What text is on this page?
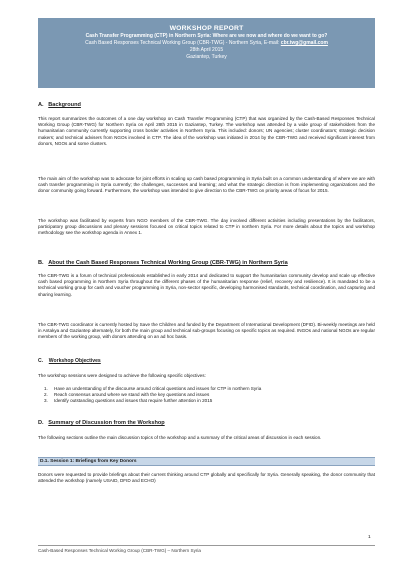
WORKSHOP REPORT
Cash Transfer Programming (CTP) in Northern Syria: Where are we now and where do we want to go?
Cash Based Responses Technical Working Group (CBR-TWG) - Northern Syria, E-mail: cbr.twg@gmail.com
28th April 2015
Gaziantep, Turkey

A. Background

This report summarizes the outcomes of a one day workshop on Cash Transfer Programming (CTP) that was organized by the Cash-Based Responses Technical Working Group (CBR-TWG) for Northern Syria on April 28th 2015 in Gaziantep, Turkey. The workshop was attended by a wide group of stakeholders from the humanitarian community currently supporting cross border activities in Northern Syria. This included: donors; UN agencies; cluster coordinators; strategic decision makers; and technical advisers from NGOs involved in CTP. The idea of the workshop was initiated in 2014 by the CBR-TWG and received significant interest from donors, NGOs and some clusters.

The main aim of the workshop was to advocate for joint efforts in scaling up cash based programming in Syria built on a common understanding of where we are with cash transfer programming in Syria currently; the challenges, successes and learning; and what the strategic direction is from implementing organizations and the donor community going forward. Furthermore, the workshop was intended to give direction to the CBR-TWG on priority areas of focus for 2015.

The workshop was facilitated by experts from NGO members of the CBR-TWG. The day involved different activities including presentations by the facilitators, participatory group discussions and plenary sessions focused on critical topics related to CTP in northern Syria. For more details about the topics and workshop methodology see the workshop agenda in Annex 1.

B. About the Cash Based Responses Technical Working Group (CBR-TWG) in Northern Syria

The CBR-TWG is a forum of technical professionals established in early 2014 and dedicated to support the humanitarian community develop and scale up effective cash based programming in Northern Syria throughout the different phases of the humanitarian response (relief, recovery and resilience). It is mandated to be a technical working group for cash and voucher programming in Syria, non-sector specific, developing harmonised standards, technical coordination, and capturing and sharing learning.

The CBR-TWG coordinator is currently hosted by Save the Children and funded by the Department of International Development (DFID). Bi-weekly meetings are held in Antakya and Gaziantep alternately, for both the main group and technical sub-groups focusing on specific topics as required. INGOs and national NGOs are regular members of the working group, with donors attending on an ad hoc basis.

C. Workshop Objectives

The workshop sessions were designed to achieve the following specific objectives:

1. Have an understanding of the discourse around critical questions and issues for CTP in northern Syria
2. Reach consensus around where we stand with the key questions and issues
3. Identify outstanding questions and issues that require further attention in 2015

D. Summary of Discussion from the Workshop

The following sections outline the main discussion topics of the workshop and a summary of the critical areas of discussion in each session.

D.1. Session 1: Briefings from Key Donors

Donors were requested to provide briefings about their current thinking around CTP globally and specifically for Syria. Generally speaking, the donor community that attended the workshop (namely USAID, DFID and ECHO)

1
Cash-Based Responses Technical Working Group (CBR-TWG) – Northern Syria
